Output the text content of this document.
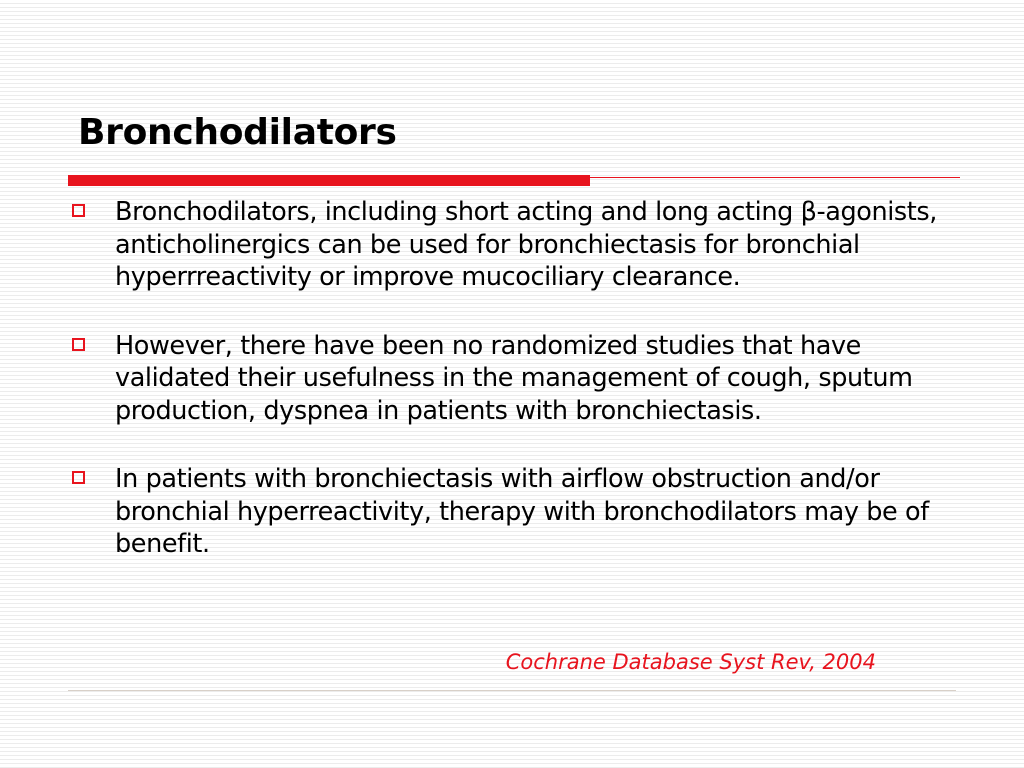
Bronchodilators
Bronchodilators, including short acting and long acting β-agonists, anticholinergics can be used for bronchiectasis for bronchial hyperrreactivity or improve mucociliary clearance.
However, there have been no randomized studies that have validated their usefulness in the management of cough, sputum production, dyspnea in patients with bronchiectasis.
In patients with bronchiectasis with airflow obstruction and/or bronchial hyperreactivity, therapy with bronchodilators may be of benefit.

Cochrane Database Syst Rev, 2004
